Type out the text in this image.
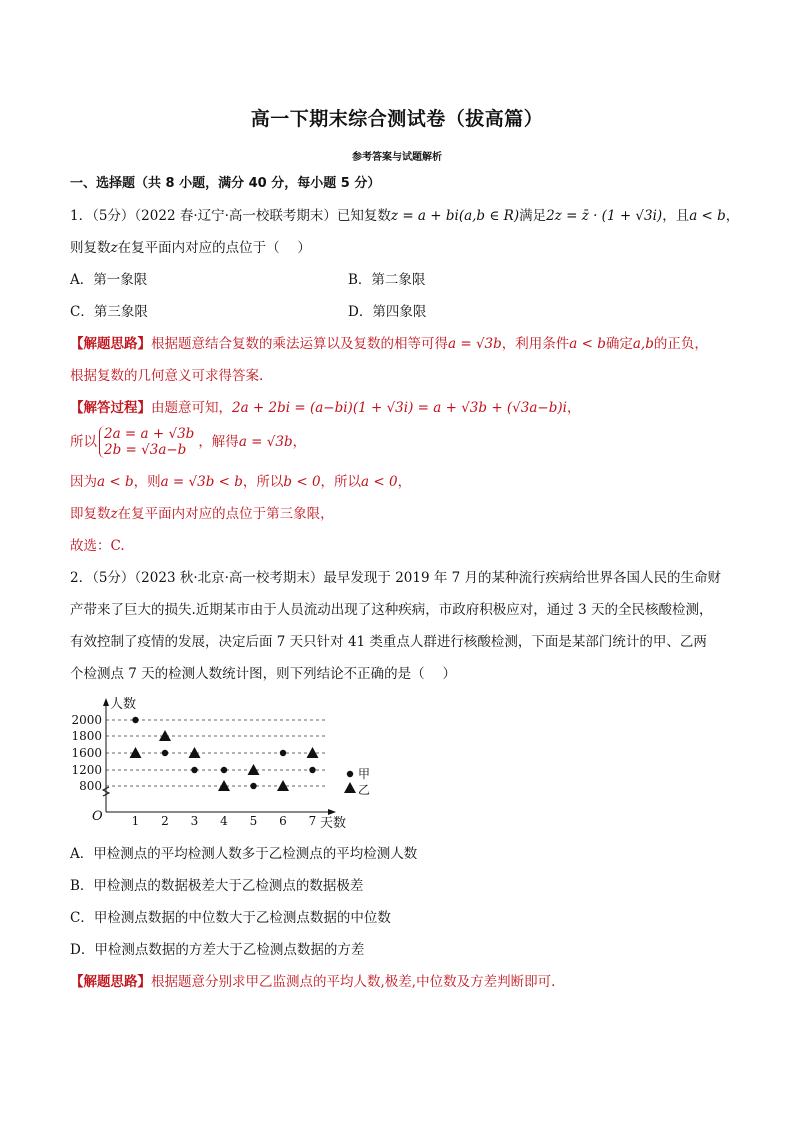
高一下期末综合测试卷（拔高篇）
参考答案与试题解析
一、选择题（共 8 小题，满分 40 分，每小题 5 分）
1．（5分）（2022 春·辽宁·高一校联考期末）已知复数z = a + bi(a,b ∈ R)满足2z = z̄ · (1 + √3i)，且a < b，
则复数z在复平面内对应的点位于（　 ）
A．第一象限	B．第二象限
C．第三象限	D．第四象限
【解题思路】根据题意结合复数的乘法运算以及复数的相等可得a = √3b，利用条件a < b确定a,b的正负，
根据复数的几何意义可求得答案.
【解答过程】由题意可知，2a + 2bi = (a−bi)(1 + √3i) = a + √3b + (√3a−b)i，
所以 2a = a + √3b
2b = √3a−b ，解得a = √3b，
因为a < b，则a = √3b < b，所以b < 0，所以a < 0，
即复数z在复平面内对应的点位于第三象限，
故选：C.
2．（5分）（2023 秋·北京·高一校考期末）最早发现于 2019 年 7 月的某种流行疾病给世界各国人民的生命财
产带来了巨大的损失.近期某市由于人员流动出现了这种疾病，市政府积极应对，通过 3 天的全民核酸检测，
有效控制了疫情的发展，决定后面 7 天只针对 41 类重点人群进行核酸检测，下面是某部门统计的甲、乙两
个检测点 7 天的检测人数统计图，则下列结论不正确的是（　 ）
800
1200
1600
1800
2000
1 2 3 4 5 6 7
O
人数
天数
甲
乙
A．甲检测点的平均检测人数多于乙检测点的平均检测人数
B．甲检测点的数据极差大于乙检测点的数据极差
C．甲检测点数据的中位数大于乙检测点数据的中位数
D．甲检测点数据的方差大于乙检测点数据的方差
【解题思路】根据题意分别求甲乙监测点的平均人数,极差,中位数及方差判断即可.
